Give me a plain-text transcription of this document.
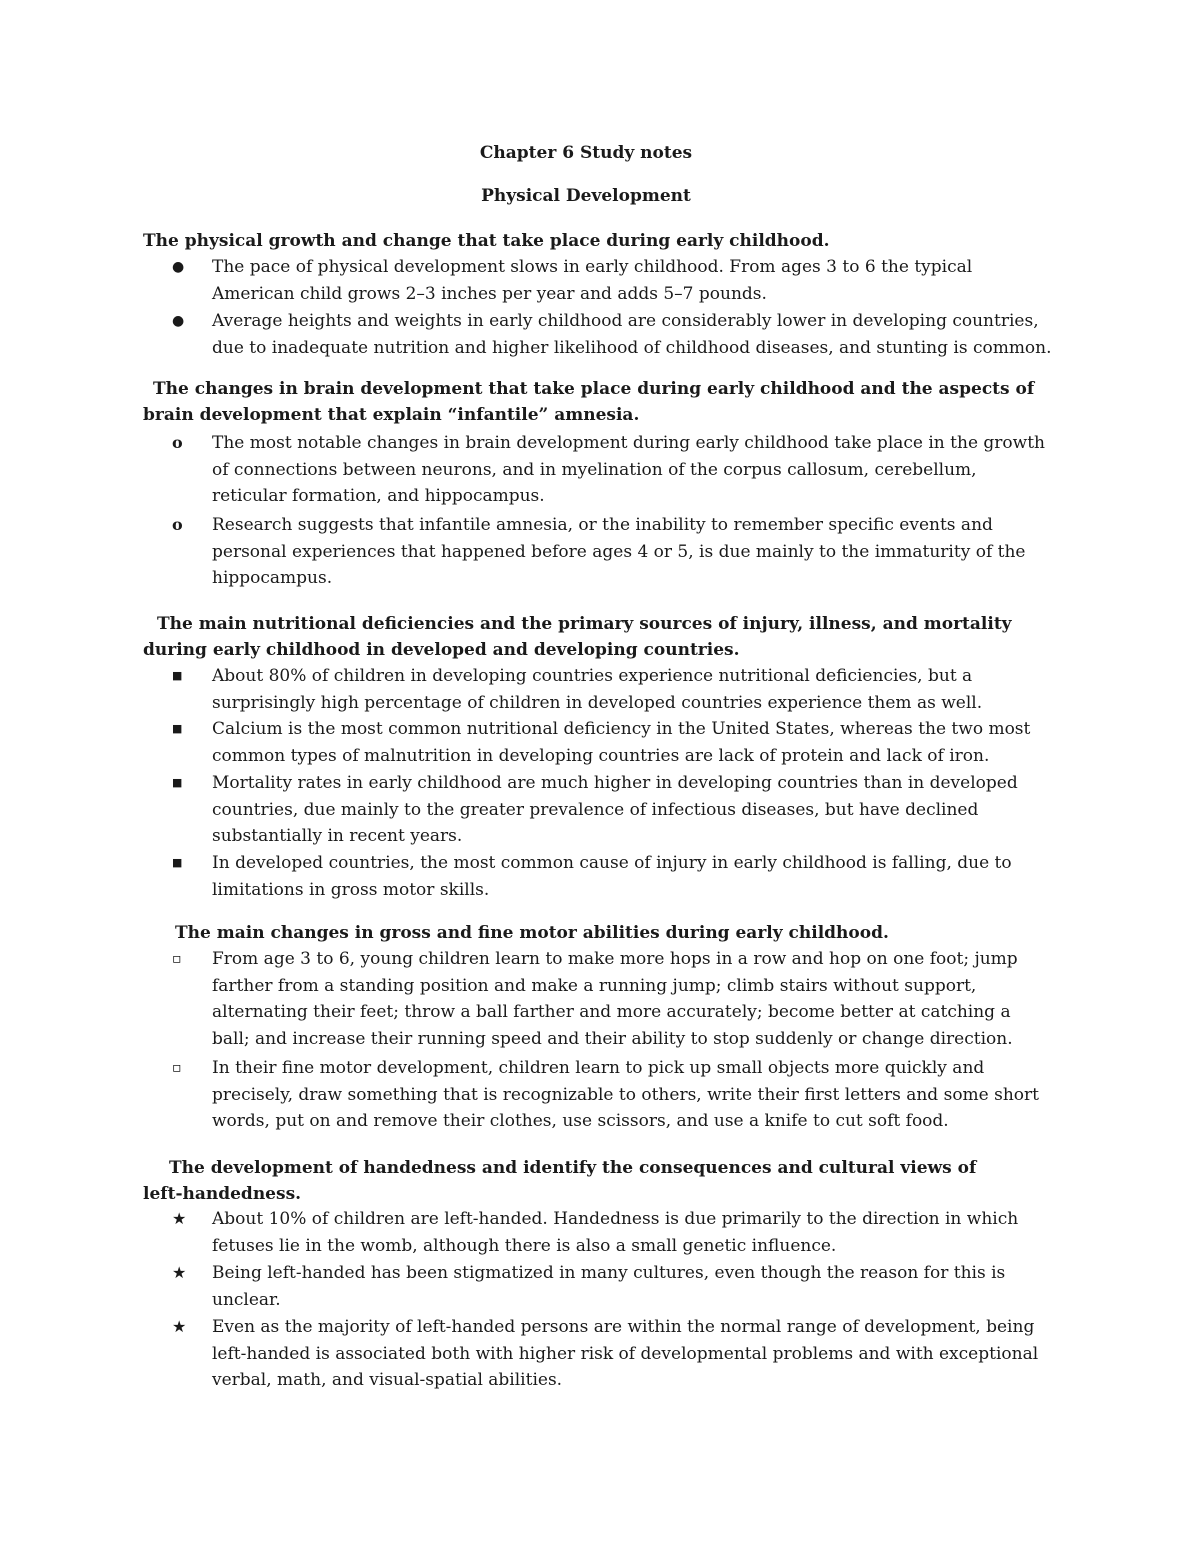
Chapter 6 Study notes
Physical Development
The physical growth and change that take place during early childhood.
●	The pace of physical development slows in early childhood. From ages 3 to 6 the typical American child grows 2–3 inches per year and adds 5–7 pounds.
●	Average heights and weights in early childhood are considerably lower in developing countries, due to inadequate nutrition and higher likelihood of childhood diseases, and stunting is common.
The changes in brain development that take place during early childhood and the aspects of brain development that explain “infantile” amnesia.
o	The most notable changes in brain development during early childhood take place in the growth of connections between neurons, and in myelination of the corpus callosum, cerebellum, reticular formation, and hippocampus.
o	Research suggests that infantile amnesia, or the inability to remember specific events and personal experiences that happened before ages 4 or 5, is due mainly to the immaturity of the hippocampus.
The main nutritional deficiencies and the primary sources of injury, illness, and mortality during early childhood in developed and developing countries.
■	About 80% of children in developing countries experience nutritional deficiencies, but a surprisingly high percentage of children in developed countries experience them as well.
■	Calcium is the most common nutritional deficiency in the United States, whereas the two most common types of malnutrition in developing countries are lack of protein and lack of iron.
■	Mortality rates in early childhood are much higher in developing countries than in developed countries, due mainly to the greater prevalence of infectious diseases, but have declined substantially in recent years.
■	In developed countries, the most common cause of injury in early childhood is falling, due to limitations in gross motor skills.
The main changes in gross and fine motor abilities during early childhood.
▫	From age 3 to 6, young children learn to make more hops in a row and hop on one foot; jump farther from a standing position and make a running jump; climb stairs without support, alternating their feet; throw a ball farther and more accurately; become better at catching a ball; and increase their running speed and their ability to stop suddenly or change direction.
▫	In their fine motor development, children learn to pick up small objects more quickly and precisely, draw something that is recognizable to others, write their first letters and some short words, put on and remove their clothes, use scissors, and use a knife to cut soft food.
The development of handedness and identify the consequences and cultural views of left-handedness.
★	About 10% of children are left-handed. Handedness is due primarily to the direction in which fetuses lie in the womb, although there is also a small genetic influence.
★	Being left-handed has been stigmatized in many cultures, even though the reason for this is unclear.
★	Even as the majority of left-handed persons are within the normal range of development, being left-handed is associated both with higher risk of developmental problems and with exceptional verbal, math, and visual-spatial abilities.
